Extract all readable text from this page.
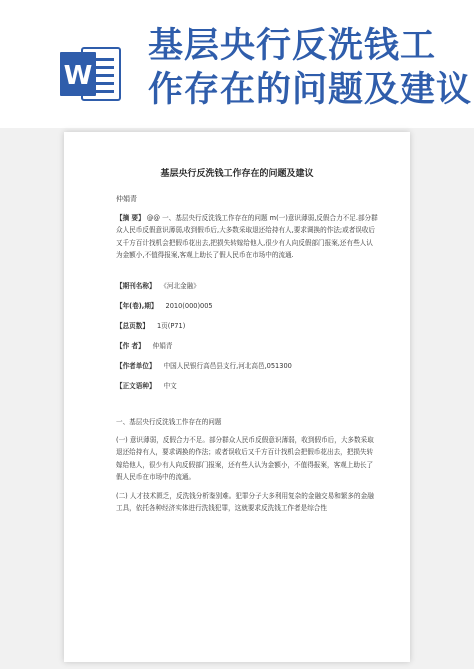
W
基层央行反洗钱工
作存在的问题及建议
基层央行反洗钱工作存在的问题及建议
仲娟青
【摘 要】 @@ 一、基层央行反洗钱工作存在的问题 m(一)意识薄弱,反假合力不足.部分群众人民币反假意识薄弱,收到假币后,大多数采取退还给持有人,要求调换的作法;或者误收后又千方百计找机会把假币花出去,把损失转嫁给他人,很少有人向反假部门报案,还有些人认为金额小,不值得报案,客观上助长了假人民币在市场中的流通.
【期刊名称】 《河北金融》
【年(卷),期】 2010(000)005
【总页数】 1页(P71)
【作 者】 仲娟青
【作者单位】 中国人民银行高邑县支行,河北高邑,051300
【正文语种】 中文
一、基层央行反洗钱工作存在的问题
(一) 意识薄弱，反假合力不足。部分群众人民币反假意识薄弱，收到假币后，大多数采取退还给持有人，要求调换的作法；或者误收后又千方百计找机会把假币花出去，把损失转嫁给他人，很少有人向反假部门报案，还有些人认为金额小，不值得报案，客观上助长了假人民币在市场中的流通。
(二) 人才技术匮乏，反洗钱分析鉴别难。犯罪分子大多利用复杂的金融交易和繁多的金融工具，依托各种经济实体进行洗钱犯罪，这就要求反洗钱工作者是综合性
